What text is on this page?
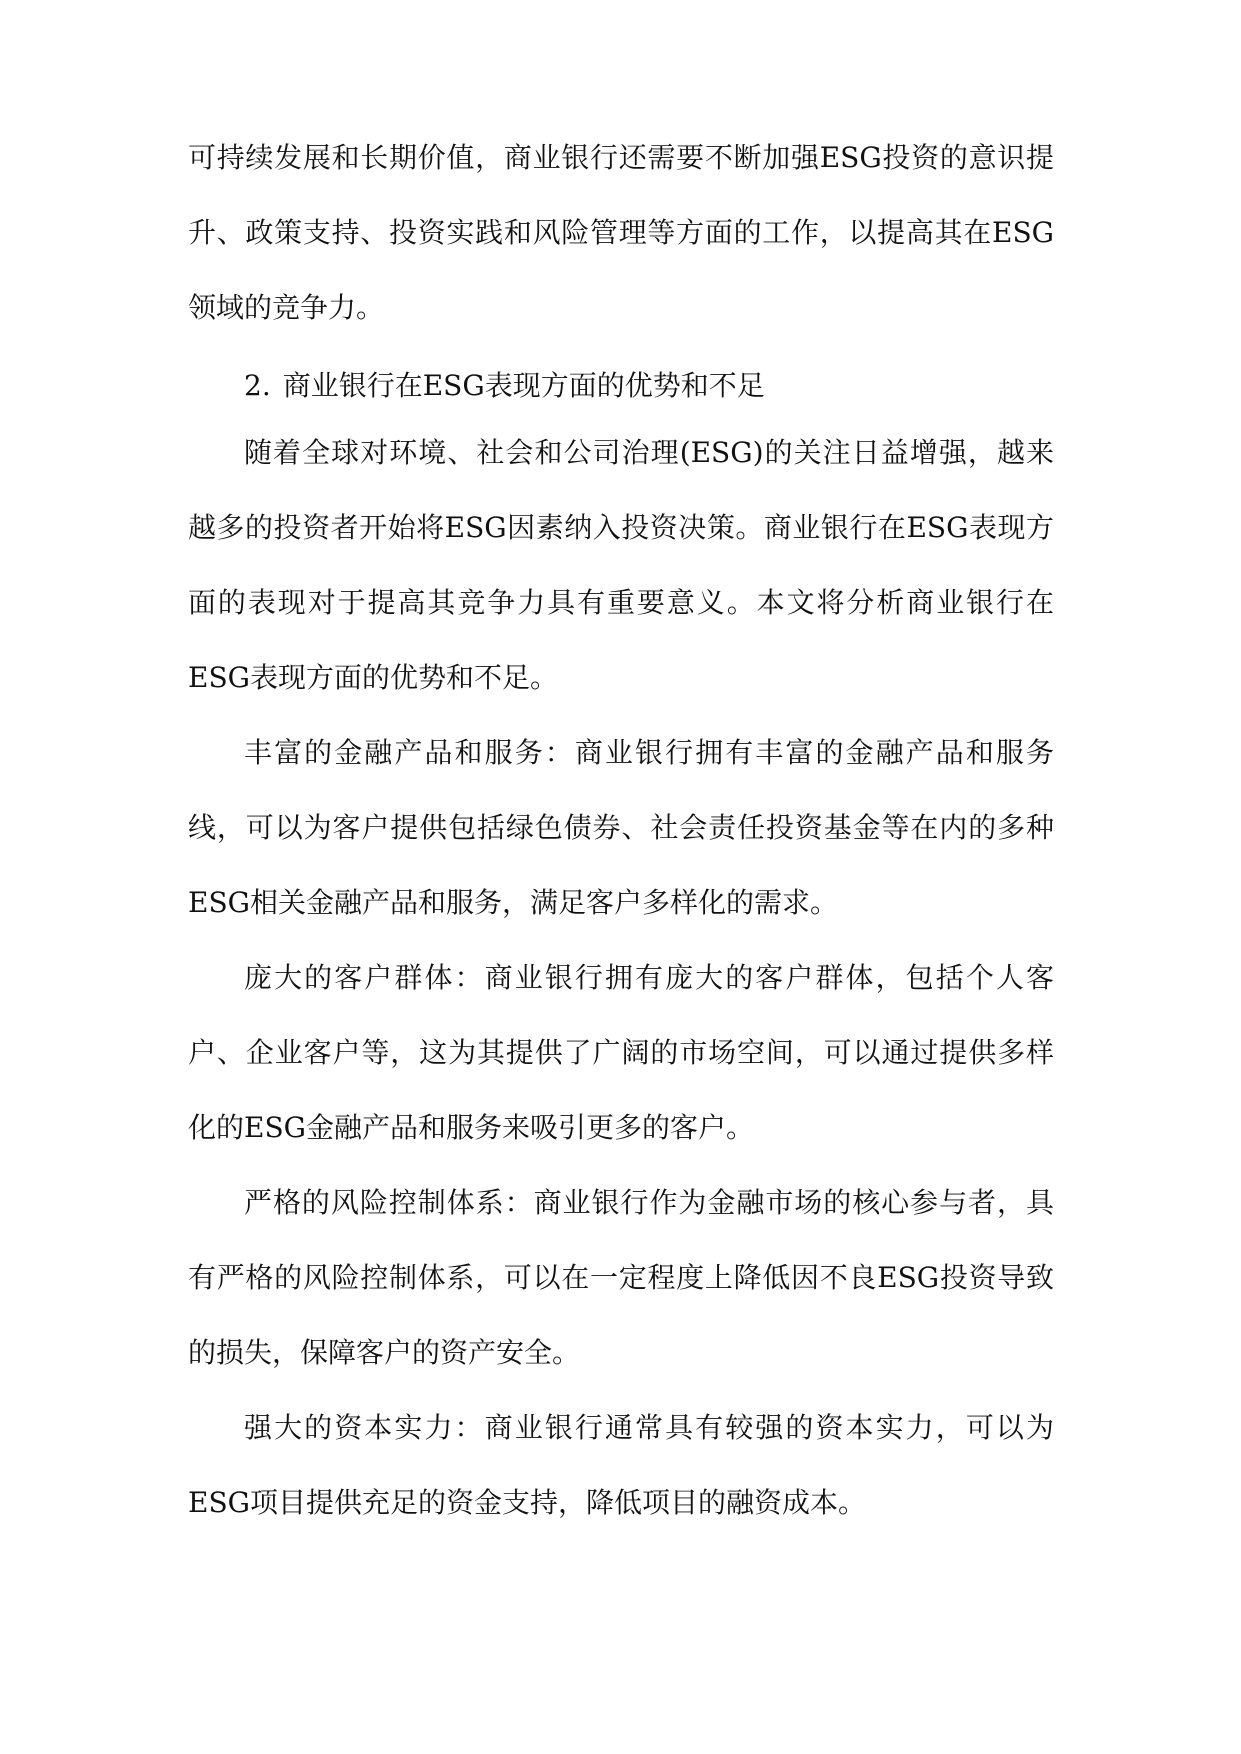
可持续发展和长期价值，商业银行还需要不断加强ESG投资的意识提升、政策支持、投资实践和风险管理等方面的工作，以提高其在ESG领域的竞争力。

2. 商业银行在ESG表现方面的优势和不足

随着全球对环境、社会和公司治理(ESG)的关注日益增强，越来越多的投资者开始将ESG因素纳入投资决策。商业银行在ESG表现方面的表现对于提高其竞争力具有重要意义。本文将分析商业银行在ESG表现方面的优势和不足。

丰富的金融产品和服务：商业银行拥有丰富的金融产品和服务线，可以为客户提供包括绿色债券、社会责任投资基金等在内的多种ESG相关金融产品和服务，满足客户多样化的需求。

庞大的客户群体：商业银行拥有庞大的客户群体，包括个人客户、企业客户等，这为其提供了广阔的市场空间，可以通过提供多样化的ESG金融产品和服务来吸引更多的客户。

严格的风险控制体系：商业银行作为金融市场的核心参与者，具有严格的风险控制体系，可以在一定程度上降低因不良ESG投资导致的损失，保障客户的资产安全。

强大的资本实力：商业银行通常具有较强的资本实力，可以为ESG项目提供充足的资金支持，降低项目的融资成本。
